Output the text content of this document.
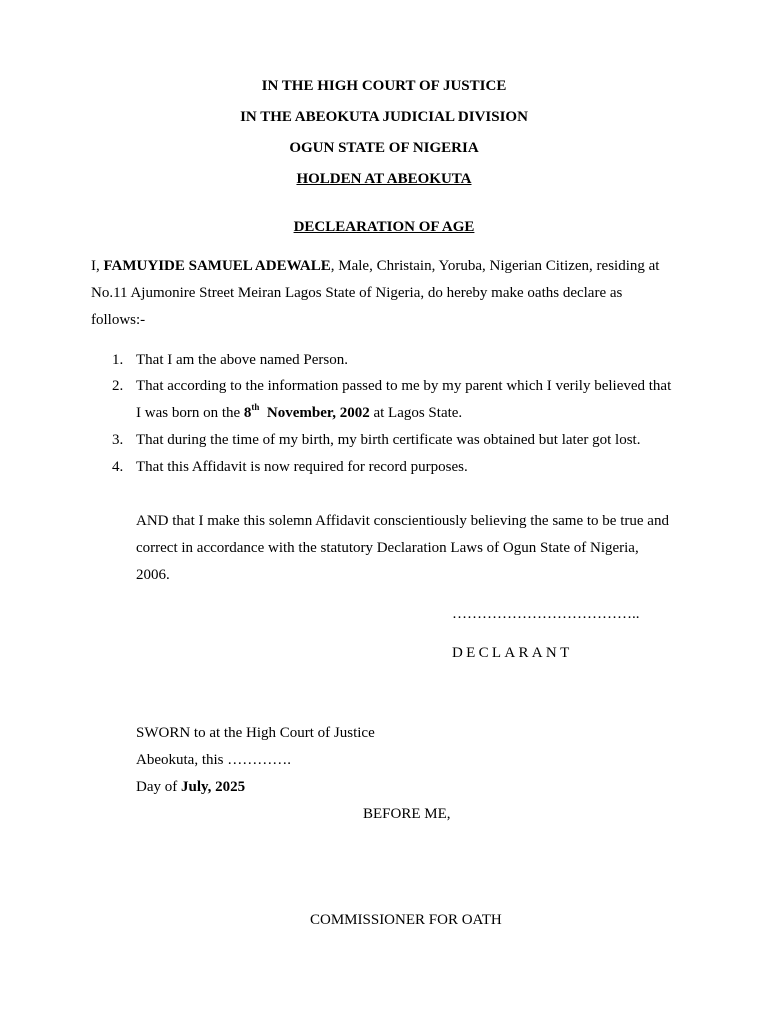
IN THE HIGH COURT OF JUSTICE
IN THE ABEOKUTA JUDICIAL DIVISION
OGUN STATE OF NIGERIA
HOLDEN AT ABEOKUTA
DECLEARATION OF AGE
I, FAMUYIDE SAMUEL ADEWALE, Male, Christain, Yoruba, Nigerian Citizen, residing at
No.11 Ajumonire Street Meiran Lagos State of Nigeria, do hereby make oaths declare as
follows:-
1. That I am the above named Person.
2. That according to the information passed to me by my parent which I verily believed that
I was born on the 8th November, 2002 at Lagos State.
3. That during the time of my birth, my birth certificate was obtained but later got lost.
4. That this Affidavit is now required for record purposes.
AND that I make this solemn Affidavit conscientiously believing the same to be true and
correct in accordance with the statutory Declaration Laws of Ogun State of Nigeria,
2006.
………………………………..
DECLARANT
SWORN to at the High Court of Justice
Abeokuta, this ………….
Day of July, 2025
BEFORE ME,
COMMISSIONER FOR OATH
